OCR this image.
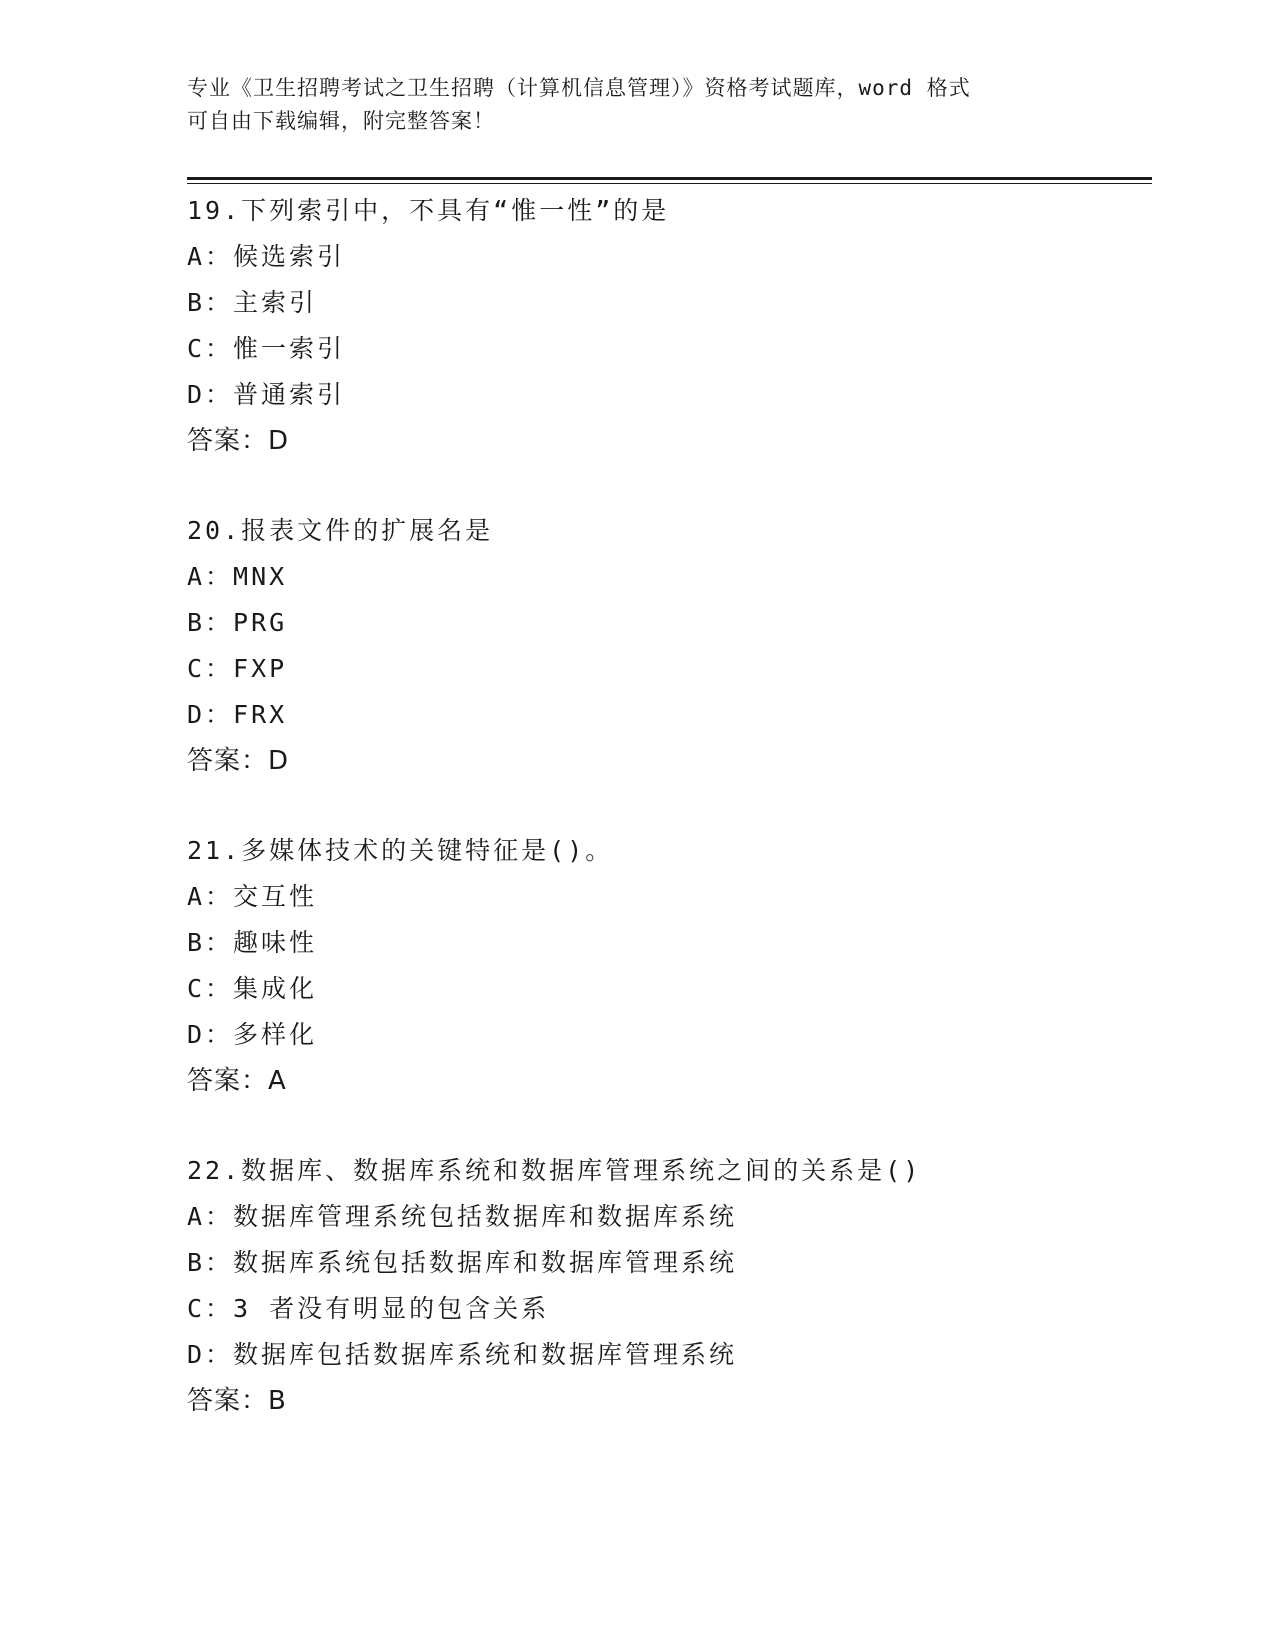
专业《卫生招聘考试之卫生招聘（计算机信息管理）》资格考试题库，word 格式
可自由下载编辑，附完整答案！
19.下列索引中，不具有“惟一性”的是
A：候选索引
B：主索引
C：惟一索引
D：普通索引
答案：D
20.报表文件的扩展名是
A：MNX
B：PRG
C：FXP
D：FRX
答案：D
21.多媒体技术的关键特征是()。
A：交互性
B：趣味性
C：集成化
D：多样化
答案：A
22.数据库、数据库系统和数据库管理系统之间的关系是()
A：数据库管理系统包括数据库和数据库系统
B：数据库系统包括数据库和数据库管理系统
C：3 者没有明显的包含关系
D：数据库包括数据库系统和数据库管理系统
答案：B
